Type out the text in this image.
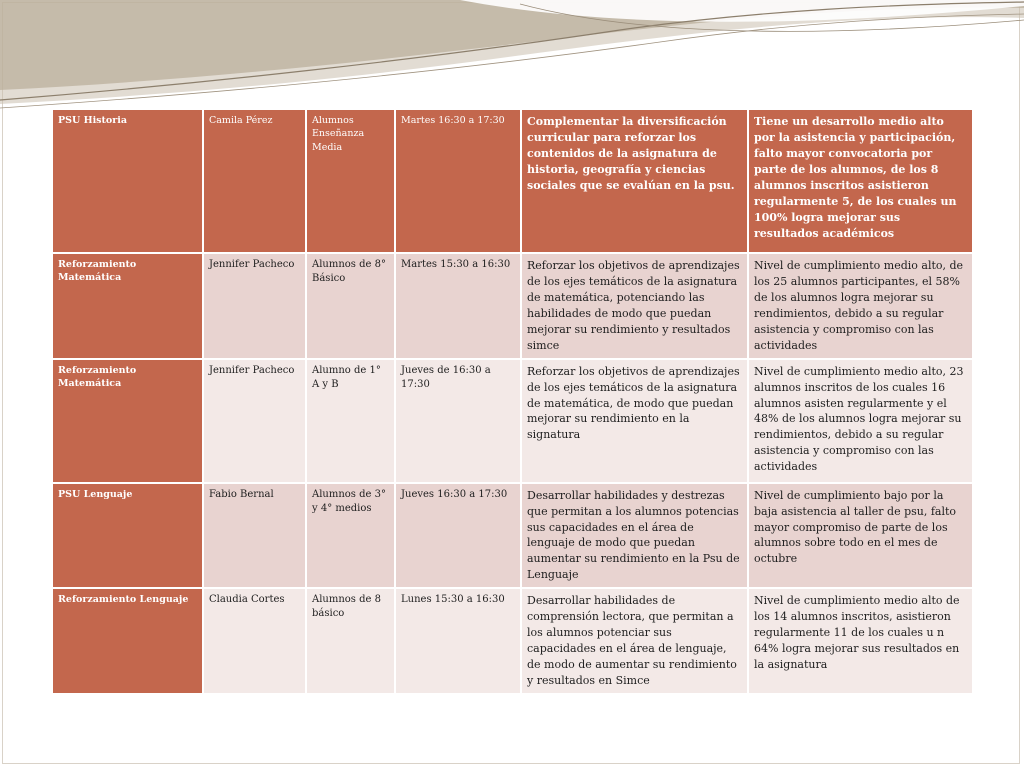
PSU Historia	Camila Pérez	Alumnos Enseñanza Media	Martes 16:30 a 17:30	Complementar la diversificación curricular para reforzar los contenidos de la asignatura de historia, geografía y ciencias sociales que se evalúan en la psu.	Tiene un desarrollo medio alto por la asistencia y participación, falto mayor convocatoria por parte de los alumnos, de los 8 alumnos inscritos asistieron regularmente 5, de los cuales un 100% logra mejorar sus resultados académicos
Reforzamiento Matemática	Jennifer Pacheco	Alumnos de 8° Básico	Martes 15:30 a 16:30	Reforzar los objetivos de aprendizajes de los ejes temáticos de la asignatura de matemática, potenciando las habilidades de modo que puedan mejorar su rendimiento y resultados simce	Nivel de cumplimiento medio alto, de los 25 alumnos participantes, el 58% de los alumnos logra mejorar su rendimientos, debido a su regular asistencia y compromiso con las actividades
Reforzamiento Matemática	Jennifer Pacheco	Alumno de 1° A y B	Jueves de 16:30 a 17:30	Reforzar los objetivos de aprendizajes de los ejes temáticos de la asignatura de matemática, de modo que puedan mejorar su rendimiento en la signatura	Nivel de cumplimiento medio alto, 23 alumnos inscritos de los cuales 16 alumnos asisten regularmente y el 48% de los alumnos logra mejorar su rendimientos, debido a su regular asistencia y compromiso con las actividades
PSU Lenguaje	Fabio Bernal	Alumnos de 3° y 4° medios	Jueves 16:30 a 17:30	Desarrollar habilidades y destrezas que permitan a los alumnos potencias sus capacidades en el área de lenguaje de modo que puedan aumentar su rendimiento en la Psu de Lenguaje	Nivel de cumplimiento bajo por la baja asistencia al taller de psu, falto mayor compromiso de parte de los alumnos sobre todo en el mes de octubre
Reforzamiento Lenguaje	Claudia Cortes	Alumnos de 8 básico	Lunes 15:30 a 16:30	Desarrollar habilidades de comprensión lectora, que permitan a los alumnos potenciar sus capacidades en el área de lenguaje, de modo de aumentar su rendimiento y resultados en Simce	Nivel de cumplimiento medio alto de los 14 alumnos inscritos, asistieron regularmente 11 de los cuales u n 64% logra mejorar sus resultados en la asignatura
